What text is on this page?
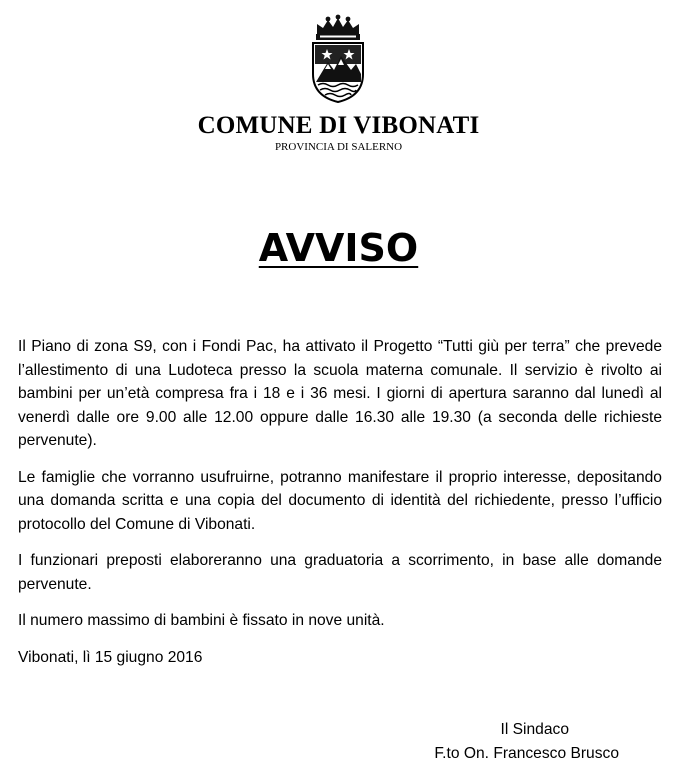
COMUNE DI VIBONATI
PROVINCIA DI SALERNO
AVVISO

Il Piano di zona S9, con i Fondi Pac, ha attivato il Progetto “Tutti giù per terra” che prevede l’allestimento di una Ludoteca presso la scuola materna comunale. Il servizio è rivolto ai bambini per un’età compresa fra i 18 e i 36 mesi. I giorni di apertura saranno dal lunedì al venerdì dalle ore 9.00 alle 12.00 oppure dalle 16.30 alle 19.30 (a seconda delle richieste pervenute).

Le famiglie che vorranno usufruirne, potranno manifestare il proprio interesse, depositando una domanda scritta e una copia del documento di identità del richiedente, presso l’ufficio protocollo del Comune di Vibonati.

I funzionari preposti elaboreranno una graduatoria a scorrimento, in base alle domande pervenute.

Il numero massimo di bambini è fissato in nove unità.

Vibonati, lì 15 giugno 2016

Il Sindaco
F.to On. Francesco Brusco
